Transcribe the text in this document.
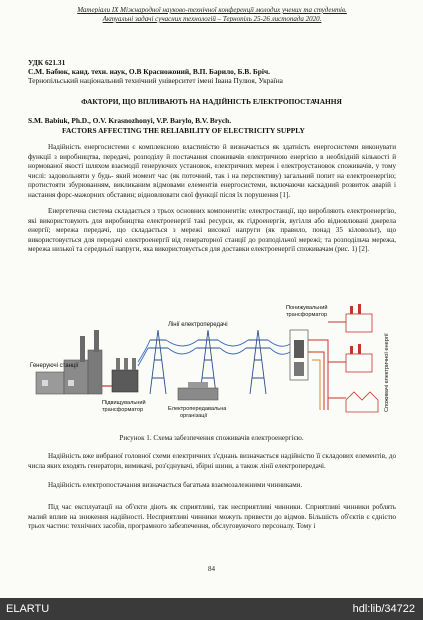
Матеріали IX Міжнародної науково-технічної конференції молодих учених та студентів.
Актуальні задачі сучасних технологій – Тернопіль 25-26 листопада 2020.
УДК 621.31
С.М. Бабюк, канд. техн. наук, О.В Красножоний, В.П. Барило, Б.В. Бріч.
Тернопільський національний технічний університет імені Івана Пулюя, Україна
ФАКТОРИ, ЩО ВПЛИВАЮТЬ НА НАДІЙНІСТЬ ЕЛЕКТРОПОСТАЧАННЯ
S.M. Babiuk, Ph.D., O.V. Krasnozhonyi, V.P. Barylo, B.V. Brych.
FACTORS AFFECTING THE RELIABILITY OF ELECTRICITY SUPPLY
Надійність енергосистеми є комплексною властивістю й визначається як здатність енергосистеми виконувати функції з виробництва, передачі, розподілу й постачання споживачів електричною енергією в необхідній кількості й нормованої якості шляхом взаємодії генеруючих установок, електричних мереж і електроустановок споживачів, у тому числі: задовольняти у будь- який момент час (як поточний, так і на перспективу) загальний попит на електроенергію; протистояти збурюванням, викликаним відмовами елементів енергосистеми, включаючи каскадний розвиток аварій і настання форс-мажорних обставин; відновлювати свої функції після їх порушення [1].
Енергетична система складається з трьох основних компонентів: електростанції, що виробляють електроенергію, які використовують для виробництва електроенергії такі ресурси, як гідроенергія, вугілля або відновлювані джерела енергії; мережа передачі, що складається з мережі високої напруги (як правило, понад 35 кіловольт), що використовується для передачі електроенергії від генераторної станції до розподільчої мережі; та розподільча мережа, мережа низької та середньої напруги, яка використовується для доставки електроенергії споживачам (рис. 1) [2].
Генеруючі станції
Підвищувальний
трансформатор
Лінії електропередачі
Електропередавальна
організації
Понижувальний
трансформатор
Споживачі електричної енергії
Рисунок 1. Схема забезпечення споживачів електроенергією.
Надійність вже вибраної головної схеми електричних з'єднань визначається надійністю її складових елементів, до числа яких входять генератори, вимикачі, роз'єднувачі, збірні шини, а також лінії електропередачі.
Надійність електропостачання визначається багатьма взаємозалежними чинниками.
Під час експлуатації на об'єкти діють як сприятливі, так несприятливі чинники. Сприятливі чинники роблять малий вплив на зниження надійності. Несприятливі чинники можуть привести до відмов. Більшість об'єктів є єдністю трьох частин: технічних засобів, програмного забезпечення, обслуговуючого персоналу. Тому і
84
ELARTU	hdl:lib/34722
